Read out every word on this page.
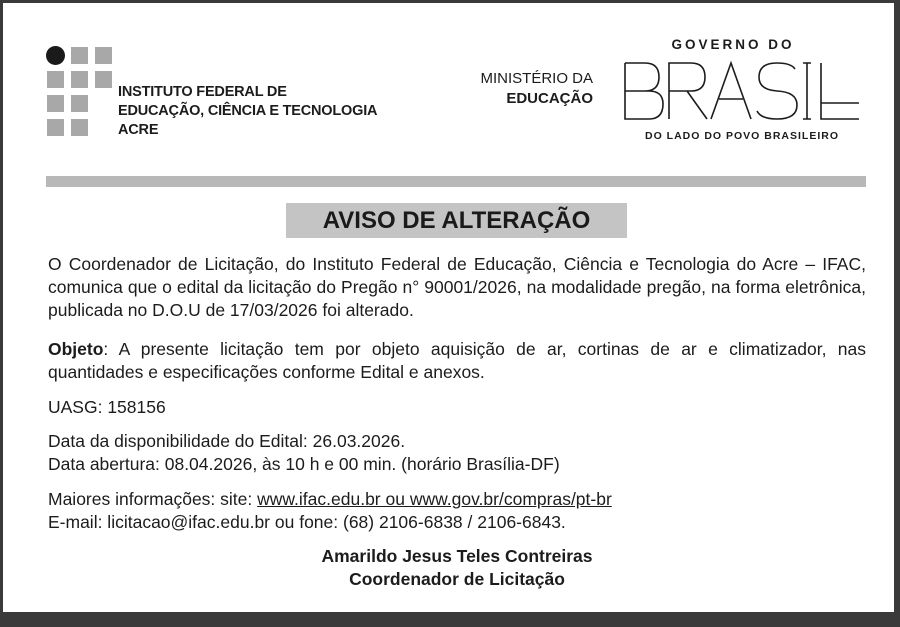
INSTITUTO FEDERAL DE
EDUCAÇÃO, CIÊNCIA E TECNOLOGIA
ACRE
MINISTÉRIO DA
EDUCAÇÃO
GOVERNO DO
DO LADO DO POVO BRASILEIRO
AVISO DE ALTERAÇÃO
O Coordenador de Licitação, do Instituto Federal de Educação, Ciência e Tecnologia do Acre – IFAC, comunica que o edital da licitação do Pregão n° 90001/2026, na modalidade pregão, na forma eletrônica, publicada no D.O.U de 17/03/2026 foi alterado.
Objeto: A presente licitação tem por objeto aquisição de ar, cortinas de ar e climatizador, nas quantidades e especificações conforme Edital e anexos.
UASG: 158156
Data da disponibilidade do Edital: 26.03.2026.
Data abertura: 08.04.2026, às 10 h e 00 min. (horário Brasília-DF)
Maiores informações: site: www.ifac.edu.br ou www.gov.br/compras/pt-br
E-mail: licitacao@ifac.edu.br ou fone: (68) 2106-6838 / 2106-6843.
Amarildo Jesus Teles Contreiras
Coordenador de Licitação
